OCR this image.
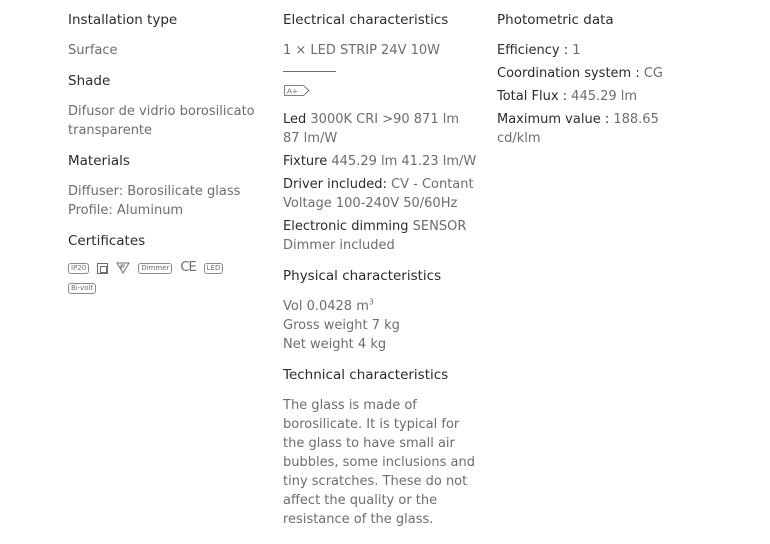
Installation type
Surface
Shade
Difusor de vidrio borosilicato
transparente
Materials
Diffuser: Borosilicate glass
Profile: Aluminum
Certificates
IP20	Dimmer CE	LED
Bi-volt
Electrical characteristics
1 × LED STRIP 24V 10W
A+
Led 3000K CRI >90 871 lm
87 lm/W
Fixture 445.29 lm 41.23 lm/W
Driver included: CV - Contant
Voltage 100-240V 50/60Hz
Electronic dimming SENSOR
Dimmer included
Physical characteristics
Vol 0.0428 $m^3$
Gross weight 7 kg
Net weight 4 kg
Technical characteristics
The glass is made of
borosilicate. It is typical for
the glass to have small air
bubbles, some inclusions and
tiny scratches. These do not
affect the quality or the
resistance of the glass.
Photometric data
Efficiency : 1
Coordination system : CG
Total Flux : 445.29 lm
Maximum value : 188.65
cd/klm
